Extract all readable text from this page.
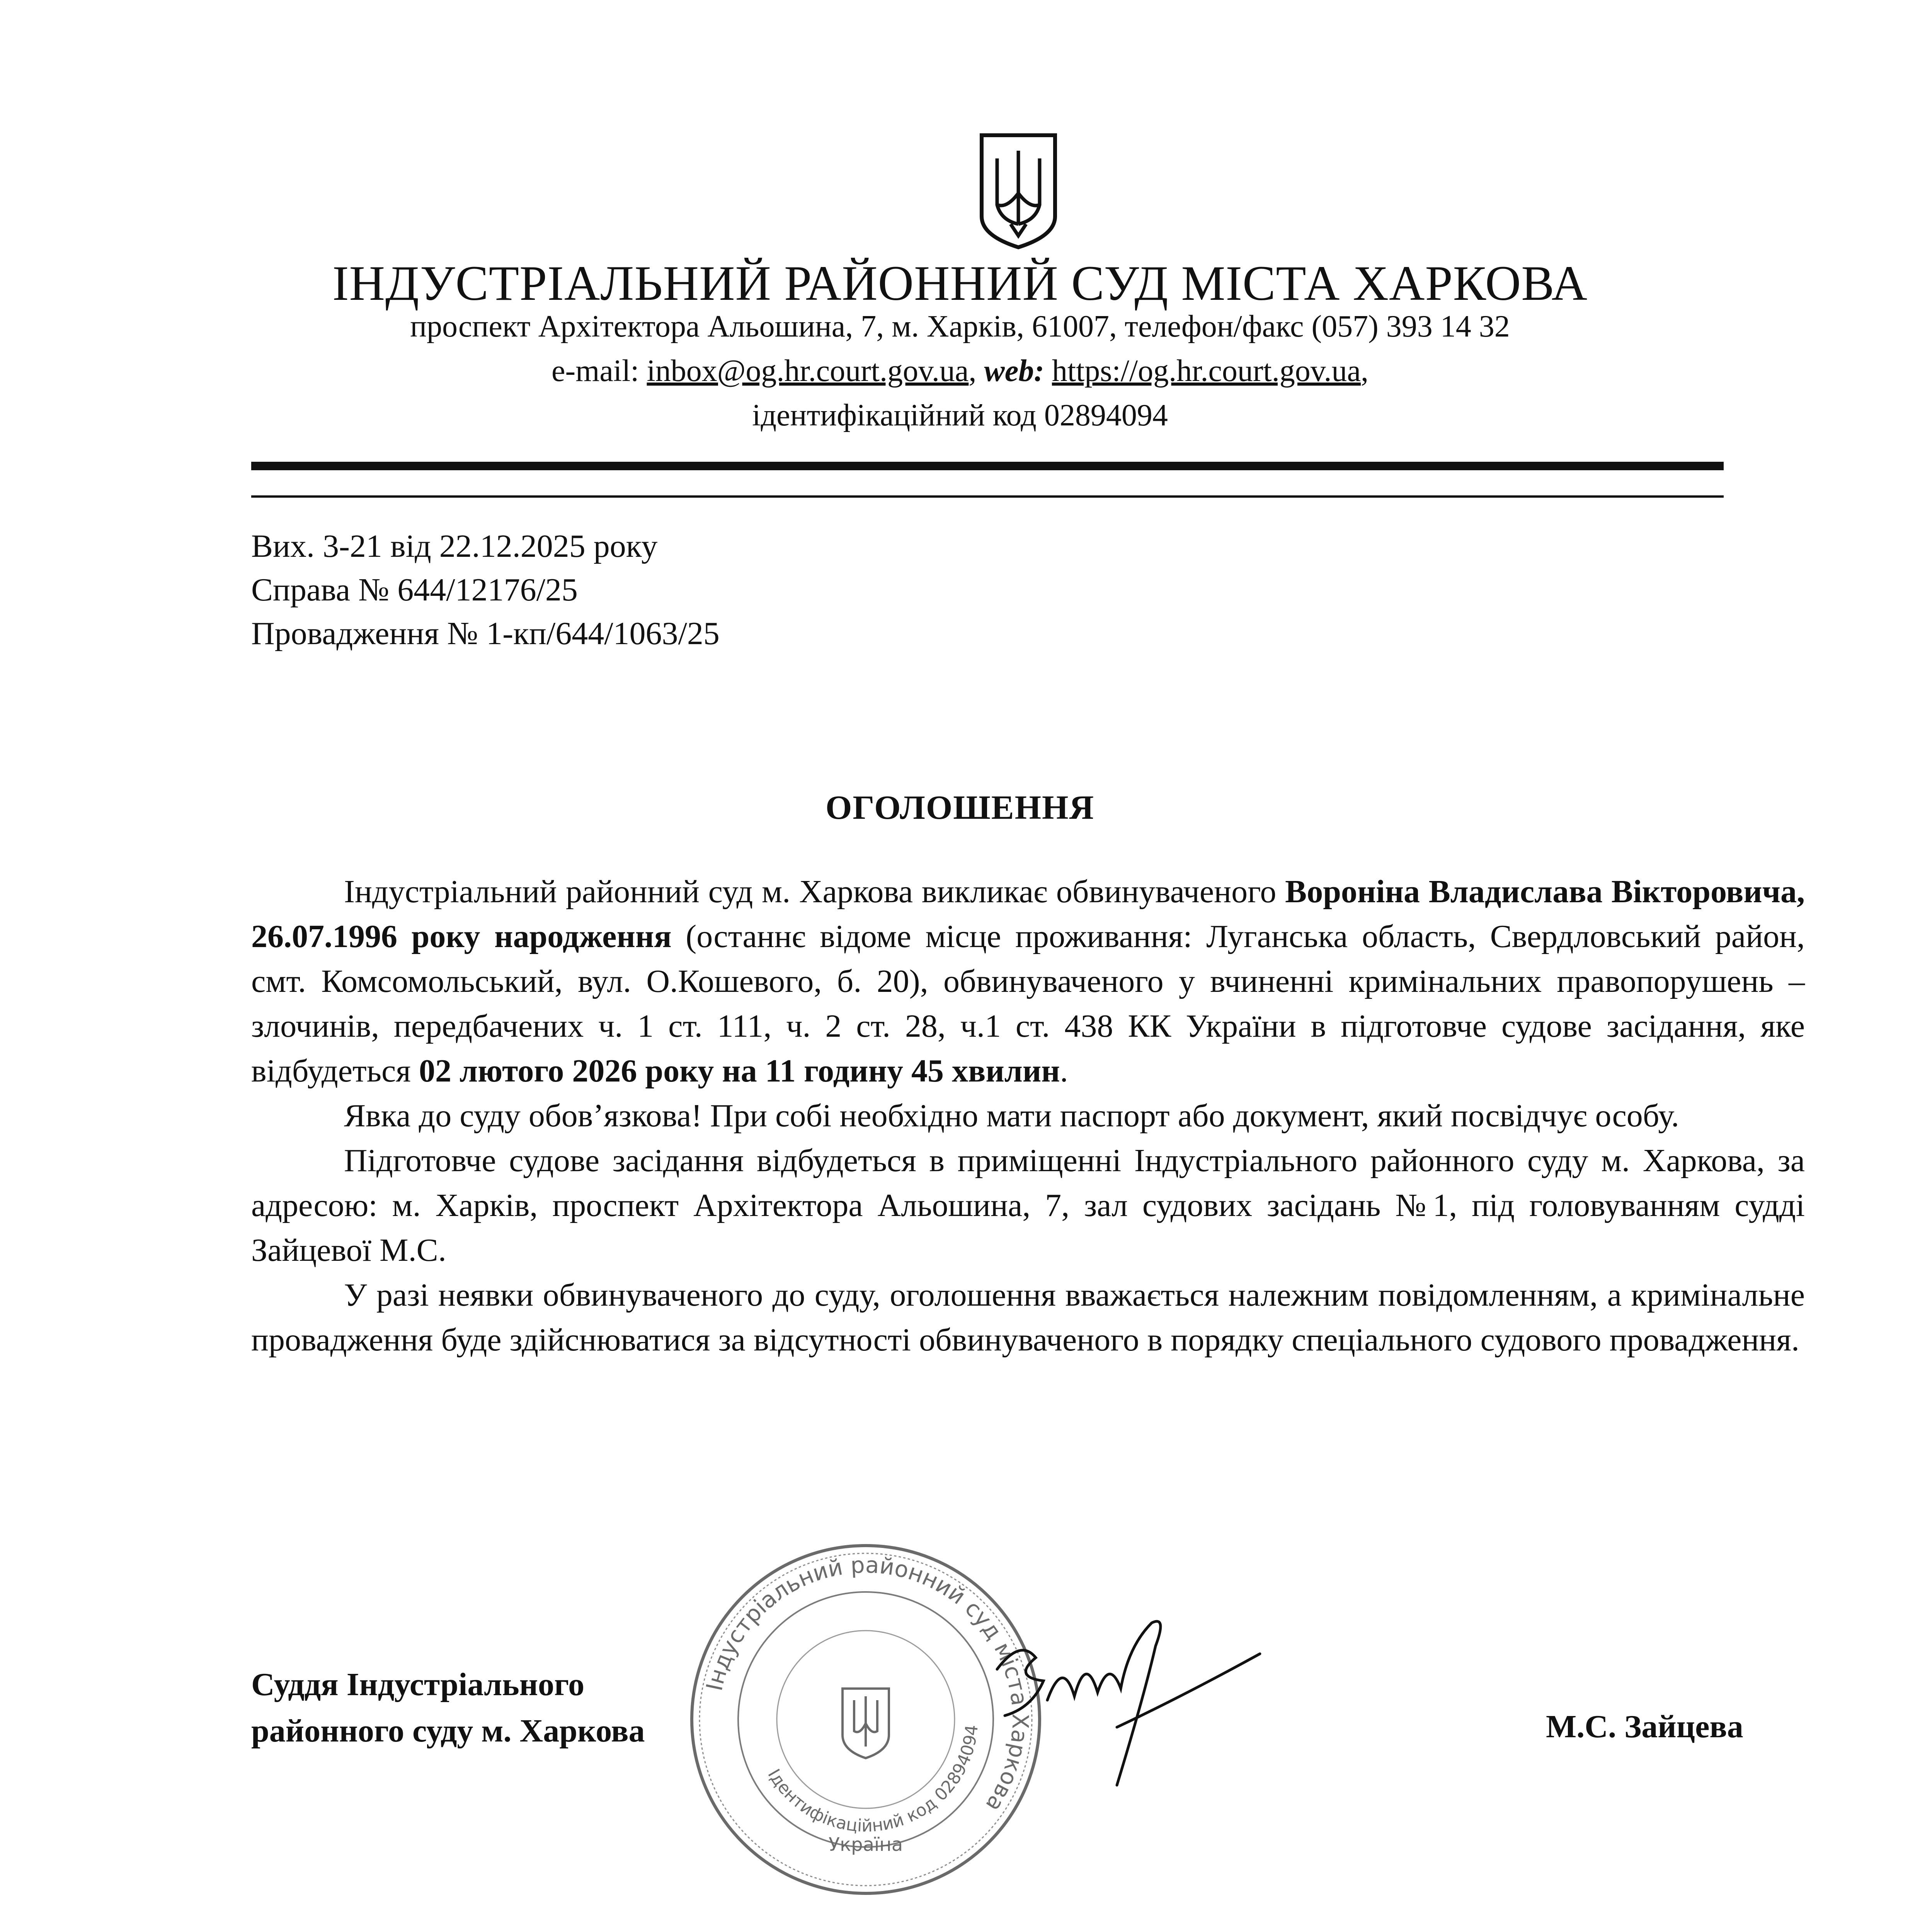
ІНДУСТРІАЛЬНИЙ РАЙОННИЙ СУД МІСТА ХАРКОВА
проспект Архітектора Альошина, 7, м. Харків, 61007, телефон/факс (057) 393 14 32
e-mail: inbox@og.hr.court.gov.ua, web: https://og.hr.court.gov.ua,
ідентифікаційний код 02894094
Вих. 3-21 від 22.12.2025 року
Справа № 644/12176/25
Провадження № 1-кп/644/1063/25
ОГОЛОШЕННЯ

Індустріальний районний суд м. Харкова викликає обвинуваченого Вороніна Владислава Вікторовича, 26.07.1996 року народження (останнє відоме місце проживання: Луганська область, Свердловський район, смт. Комсомольський, вул. О.Кошевого, б. 20), обвинуваченого у вчиненні кримінальних правопорушень – злочинів, передбачених ч. 1 ст. 111, ч. 2 ст. 28, ч.1 ст. 438 КК України в підготовче судове засідання, яке відбудеться 02 лютого 2026 року на 11 годину 45 хвилин.

Явка до суду обов’язкова! При собі необхідно мати паспорт або документ, який посвідчує особу.

Підготовче судове засідання відбудеться в приміщенні Індустріального районного суду м. Харкова, за адресою: м. Харків, проспект Архітектора Альошина, 7, зал судових засідань №1, під головуванням судді Зайцевої М.С.

У разі неявки обвинуваченого до суду, оголошення вважається належним повідомленням, а кримінальне провадження буде здійснюватися за відсутності обвинуваченого в порядку спеціального судового провадження.

Індустріальний районний суд міста Харкова
Ідентифікаційний код 02894094
Україна
Суддя Індустріального
районного суду м. Харкова	М.С. Зайцева
